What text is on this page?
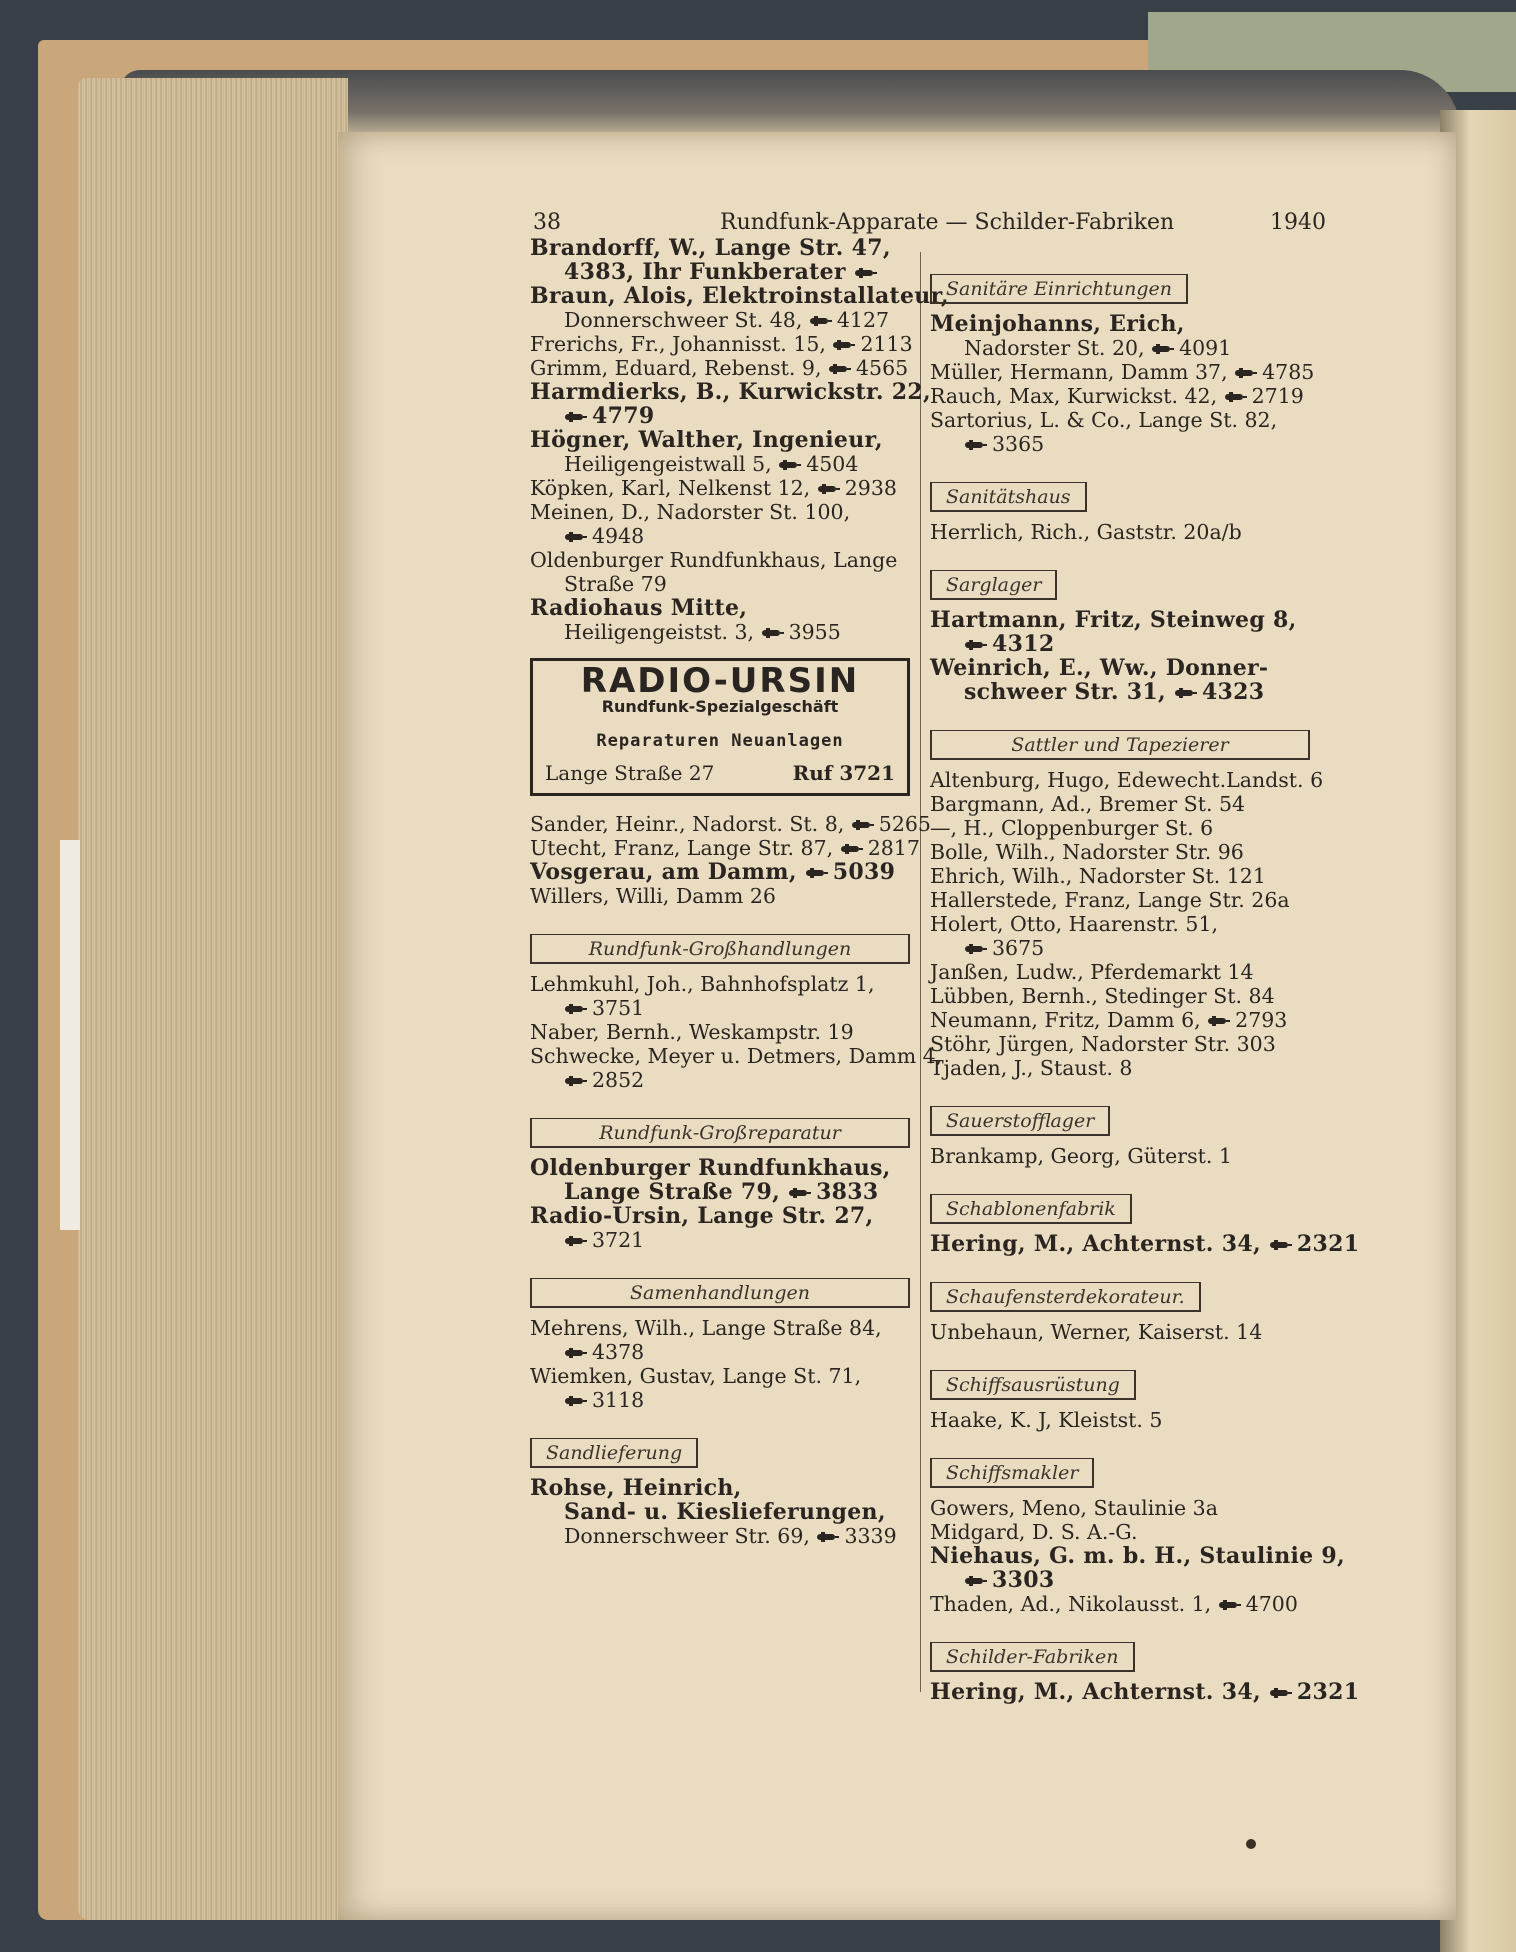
38	Rundfunk-Apparate — Schilder-Fabriken	1940

Brandorff, W., Lange Str. 47,

4383, Ihr Funkberater

Braun, Alois, Elektroinstallateur,

Donnerschweer St. 48, 4127

Frerichs, Fr., Johannisst. 15, 2113

Grimm, Eduard, Rebenst. 9, 4565

Harmdierks, B., Kurwickstr. 22,

4779

Högner, Walther, Ingenieur,

Heiligengeistwall 5, 4504

Köpken, Karl, Nelkenst 12, 2938

Meinen, D., Nadorster St. 100,

4948

Oldenburger Rundfunkhaus, Lange

Straße 79

Radiohaus Mitte,

Heiligengeistst. 3, 3955

RADIO-URSIN
Rundfunk-Spezialgeschäft
Reparaturen Neuanlagen
Lange Straße 27	Ruf 3721

Sander, Heinr., Nadorst. St. 8, 5265

Utecht, Franz, Lange Str. 87, 2817

Vosgerau, am Damm, 5039

Willers, Willi, Damm 26

Rundfunk-Großhandlungen

Lehmkuhl, Joh., Bahnhofsplatz 1,

3751

Naber, Bernh., Weskampstr. 19

Schwecke, Meyer u. Detmers, Damm 4,

2852

Rundfunk-Großreparatur

Oldenburger Rundfunkhaus,

Lange Straße 79, 3833

Radio-Ursin, Lange Str. 27,

3721

Samenhandlungen

Mehrens, Wilh., Lange Straße 84,

4378

Wiemken, Gustav, Lange St. 71,

3118

Sandlieferung

Rohse, Heinrich,

Sand- u. Kieslieferungen,

Donnerschweer Str. 69, 3339

Sanitäre Einrichtungen

Meinjohanns, Erich,

Nadorster St. 20, 4091

Müller, Hermann, Damm 37, 4785

Rauch, Max, Kurwickst. 42, 2719

Sartorius, L. & Co., Lange St. 82,

3365

Sanitätshaus

Herrlich, Rich., Gaststr. 20a/b

Sarglager

Hartmann, Fritz, Steinweg 8,

4312

Weinrich, E., Ww., Donner-

schweer Str. 31, 4323

Sattler und Tapezierer

Altenburg, Hugo, Edewecht.Landst. 6

Bargmann, Ad., Bremer St. 54

—, H., Cloppenburger St. 6

Bolle, Wilh., Nadorster Str. 96

Ehrich, Wilh., Nadorster St. 121

Hallerstede, Franz, Lange Str. 26a

Holert, Otto, Haarenstr. 51,

3675

Janßen, Ludw., Pferdemarkt 14

Lübben, Bernh., Stedinger St. 84

Neumann, Fritz, Damm 6, 2793

Stöhr, Jürgen, Nadorster Str. 303

Tjaden, J., Staust. 8

Sauerstofflager

Brankamp, Georg, Güterst. 1

Schablonenfabrik

Hering, M., Achternst. 34, 2321

Schaufensterdekorateur.

Unbehaun, Werner, Kaiserst. 14

Schiffsausrüstung

Haake, K. J, Kleistst. 5

Schiffsmakler

Gowers, Meno, Staulinie 3a

Midgard, D. S. A.-G.

Niehaus, G. m. b. H., Staulinie 9,

3303

Thaden, Ad., Nikolausst. 1, 4700

Schilder-Fabriken

Hering, M., Achternst. 34, 2321
